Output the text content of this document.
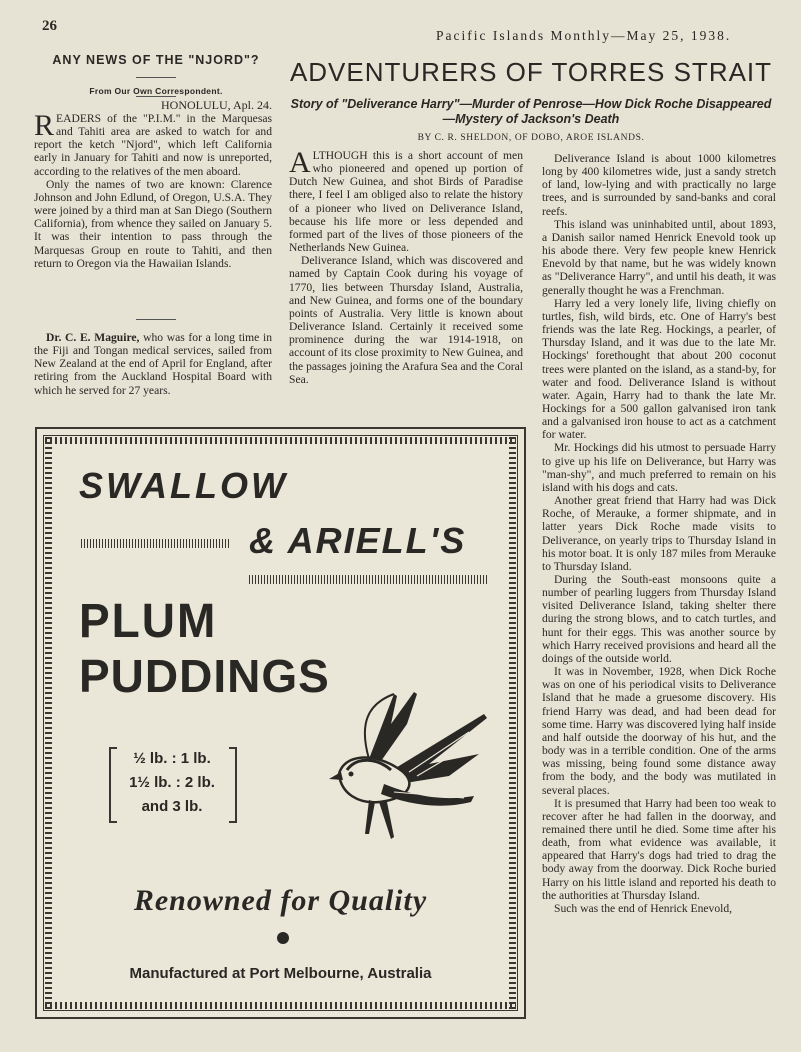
26
Pacific Islands Monthly—May 25, 1938.
ANY NEWS OF THE "NJORD"?
From Our Own Correspondent.
HONOLULU, Apl. 24.

READERS of the "P.I.M." in the Marquesas and Tahiti area are asked to watch for and report the ketch "Njord", which left California early in January for Tahiti and now is unreported, according to the relatives of the men aboard.

Only the names of two are known: Clarence Johnson and John Edlund, of Oregon, U.S.A. They were joined by a third man at San Diego (Southern California), from whence they sailed on January 5. It was their intention to pass through the Marquesas Group en route to Tahiti, and then return to Oregon via the Hawaiian Islands.

Dr. C. E. Maguire, who was for a long time in the Fiji and Tongan medical services, sailed from New Zealand at the end of April for England, after retiring from the Auckland Hospital Board with which he served for 27 years.

ADVENTURERS OF TORRES STRAIT
Story of "Deliverance Harry"—Murder of Penrose—How Dick Roche Disappeared—Mystery of Jackson's Death
BY C. R. SHELDON, OF DOBO, AROE ISLANDS.

ALTHOUGH this is a short account of men who pioneered and opened up portion of Dutch New Guinea, and shot Birds of Paradise there, I feel I am obliged also to relate the history of a pioneer who lived on Deliverance Island, because his life more or less depended and formed part of the lives of those pioneers of the Netherlands New Guinea.

Deliverance Island, which was discovered and named by Captain Cook during his voyage of 1770, lies between Thursday Island, Australia, and New Guinea, and forms one of the boundary points of Australia. Very little is known about Deliverance Island. Certainly it received some prominence during the war 1914-1918, on account of its close proximity to New Guinea, and the passages joining the Arafura Sea and the Coral Sea.

Deliverance Island is about 1000 kilometres long by 400 kilometres wide, just a sandy stretch of land, low-lying and with practically no large trees, and is surrounded by sand-banks and coral reefs.

This island was uninhabited until, about 1893, a Danish sailor named Henrick Enevold took up his abode there. Very few people knew Henrick Enevold by that name, but he was widely known as "Deliverance Harry", and until his death, it was generally thought he was a Frenchman.

Harry led a very lonely life, living chiefly on turtles, fish, wild birds, etc. One of Harry's best friends was the late Reg. Hockings, a pearler, of Thursday Island, and it was due to the late Mr. Hockings' forethought that about 200 coconut trees were planted on the island, as a stand-by, for water and food. Deliverance Island is without water. Again, Harry had to thank the late Mr. Hockings for a 500 gallon galvanised iron tank and a galvanised iron house to act as a catchment for water.

Mr. Hockings did his utmost to persuade Harry to give up his life on Deliverance, but Harry was "man-shy", and much preferred to remain on his island with his dogs and cats.

Another great friend that Harry had was Dick Roche, of Merauke, a former shipmate, and in latter years Dick Roche made visits to Deliverance, on yearly trips to Thursday Island in his motor boat. It is only 187 miles from Merauke to Thursday Island.

During the South-east monsoons quite a number of pearling luggers from Thursday Island visited Deliverance Island, taking shelter there during the strong blows, and to catch turtles, and hunt for their eggs. This was another source by which Harry received provisions and heard all the doings of the outside world.

It was in November, 1928, when Dick Roche was on one of his periodical visits to Deliverance Island that he made a gruesome discovery. His friend Harry was dead, and had been dead for some time. Harry was discovered lying half inside and half outside the doorway of his hut, and the body was in a terrible condition. One of the arms was missing, being found some distance away from the body, and the body was mutilated in several places.

It is presumed that Harry had been too weak to recover after he had fallen in the doorway, and remained there until he died. Some time after his death, from what evidence was available, it appeared that Harry's dogs had tried to drag the body away from the doorway. Dick Roche buried Harry on his little island and reported his death to the authorities at Thursday Island.

Such was the end of Henrick Enevold,

SWALLOW
& ARIELL'S
PLUM
PUDDINGS
½ lb. : 1 lb.
1½ lb. : 2 lb.
and 3 lb.
Renowned for Quality
Manufactured at Port Melbourne, Australia
